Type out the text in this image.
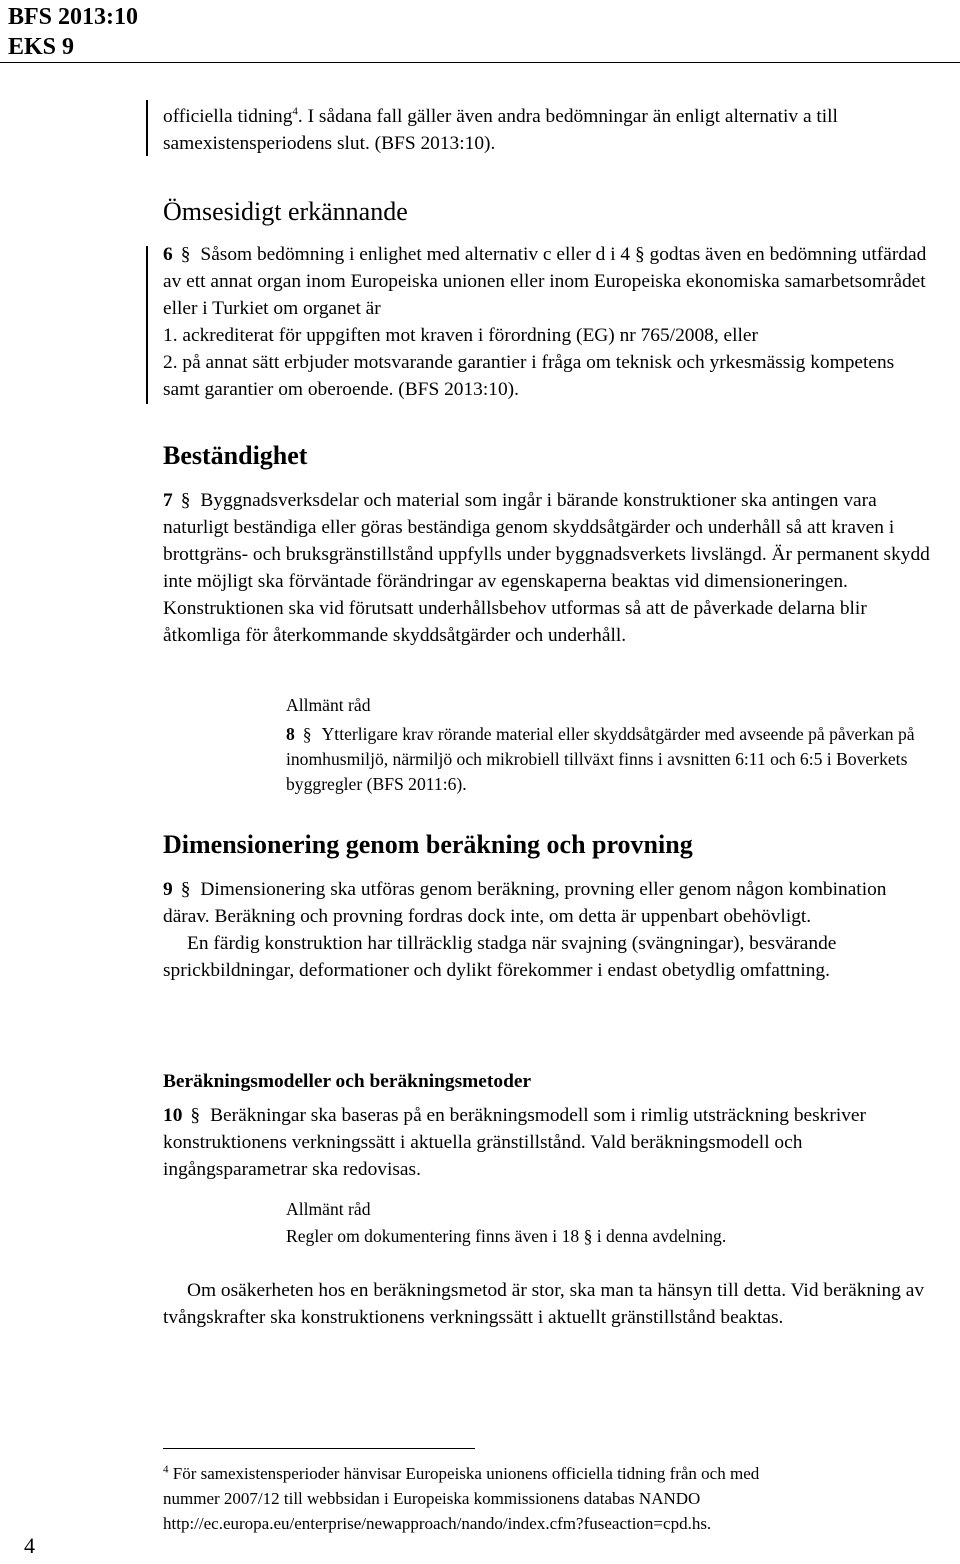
BFS 2013:10
EKS 9

officiella tidning$^4$. I sådana fall gäller även andra bedömningar än enligt alternativ a till samexistensperiodens slut. (BFS 2013:10).

Ömsesidigt erkännande

6 § Såsom bedömning i enlighet med alternativ c eller d i 4 § godtas även en bedömning utfärdad av ett annat organ inom Europeiska unionen eller inom Europeiska ekonomiska samarbetsområdet eller i Turkiet om organet är

1. ackrediterat för uppgiften mot kraven i förordning (EG) nr 765/2008, eller

2. på annat sätt erbjuder motsvarande garantier i fråga om teknisk och yrkesmässig kompetens samt garantier om oberoende. (BFS 2013:10).

Beständighet

7 § Byggnadsverksdelar och material som ingår i bärande konstruktioner ska antingen vara naturligt beständiga eller göras beständiga genom skyddsåtgärder och underhåll så att kraven i brottgräns- och bruksgränstillstånd uppfylls under byggnadsverkets livslängd. Är permanent skydd inte möjligt ska förväntade förändringar av egenskaperna beaktas vid dimensioneringen. Konstruktionen ska vid förutsatt underhållsbehov utformas så att de påverkade delarna blir åtkomliga för återkommande skyddsåtgärder och underhåll.

Allmänt råd

8 § Ytterligare krav rörande material eller skyddsåtgärder med avseende på påverkan på inomhusmiljö, närmiljö och mikrobiell tillväxt finns i avsnitten 6:11 och 6:5 i Boverkets byggregler (BFS 2011:6).

Dimensionering genom beräkning och provning

9 § Dimensionering ska utföras genom beräkning, provning eller genom någon kombination därav. Beräkning och provning fordras dock inte, om detta är uppenbart obehövligt.

En färdig konstruktion har tillräcklig stadga när svajning (svängningar), besvärande sprickbildningar, deformationer och dylikt förekommer i endast obetydlig omfattning.

Beräkningsmodeller och beräkningsmetoder

10 § Beräkningar ska baseras på en beräkningsmodell som i rimlig utsträckning beskriver konstruktionens verkningssätt i aktuella gränstillstånd. Vald beräkningsmodell och ingångsparametrar ska redovisas.

Allmänt råd

Regler om dokumentering finns även i 18 § i denna avdelning.

Om osäkerheten hos en beräkningsmetod är stor, ska man ta hänsyn till detta. Vid beräkning av tvångskrafter ska konstruktionens verkningssätt i aktuellt gränstillstånd beaktas.

$^4$ För samexistensperioder hänvisar Europeiska unionens officiella tidning från och med
nummer 2007/12 till webbsidan i Europeiska kommissionens databas NANDO
http://ec.europa.eu/enterprise/newapproach/nando/index.cfm?fuseaction=cpd.hs.
4
